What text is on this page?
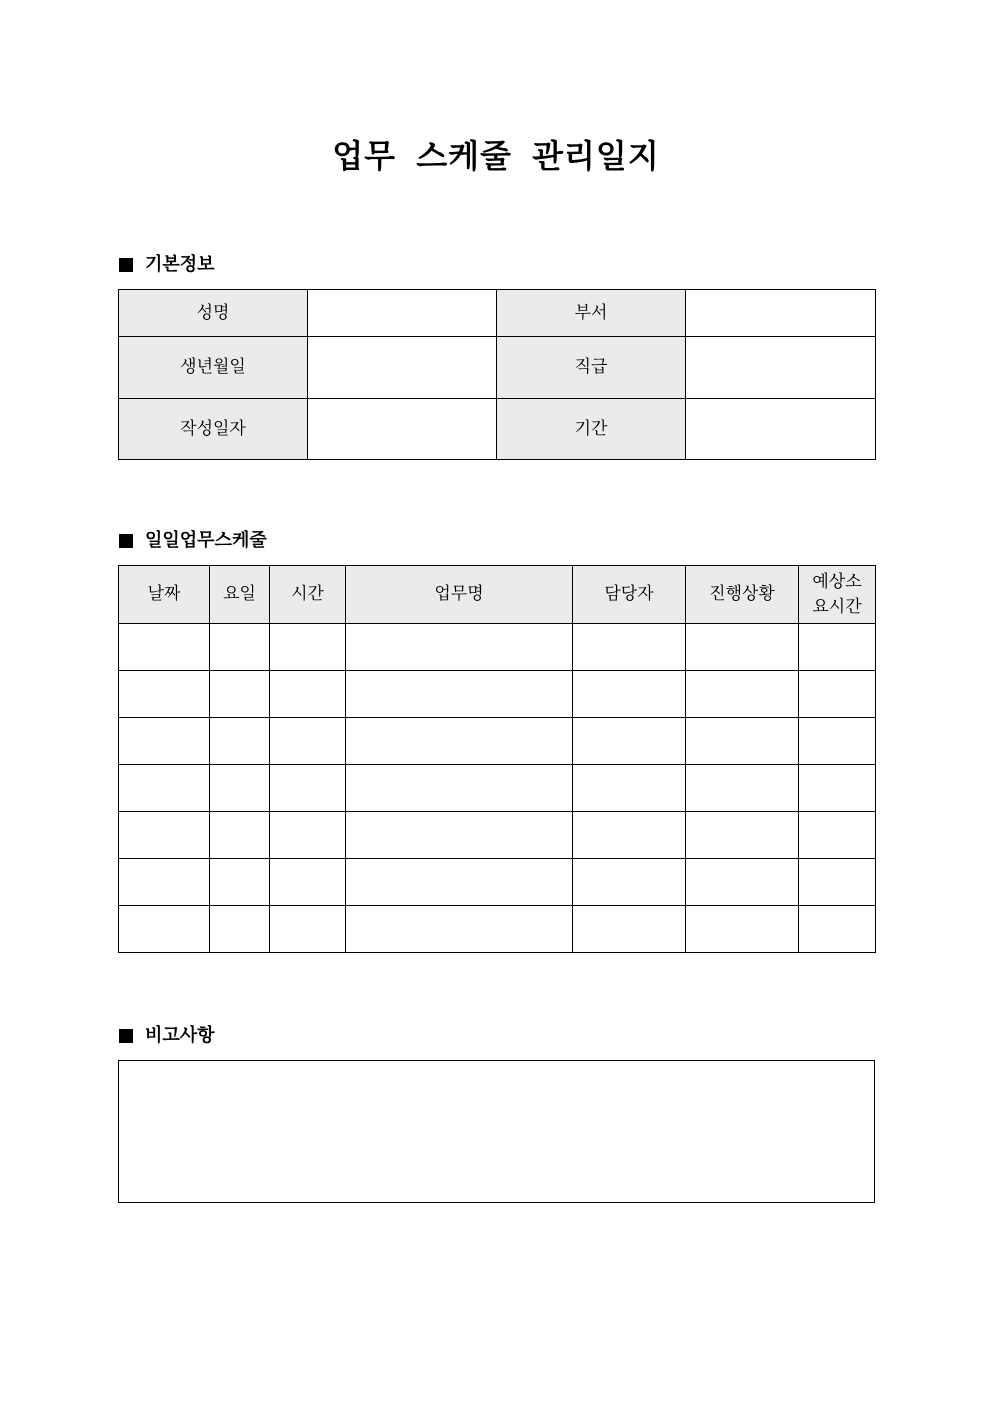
업무 스케줄 관리일지
기본정보
성명		부서	
생년월일		직급	
작성일자		기간	
일일업무스케줄
날짜	요일	시간	업무명	담당자	진행상황	예상소
요시간

비고사항
